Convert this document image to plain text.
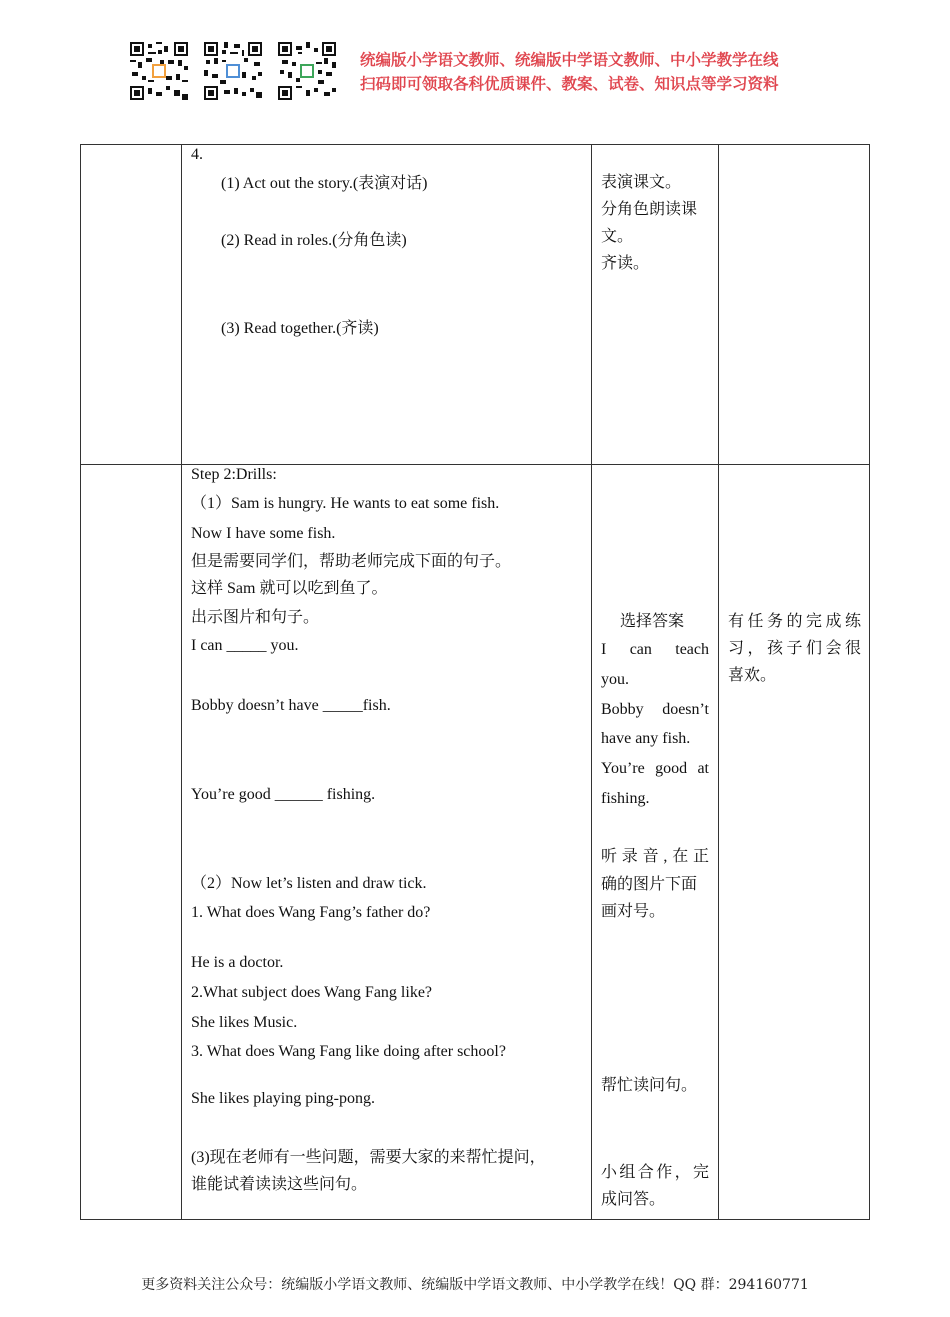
统编版小学语文教师、统编版中学语文教师、中小学教学在线
扫码即可领取各科优质课件、教案、试卷、知识点等学习资料
4.
(1) Act out the story.(表演对话)
(2) Read in roles.(分角色读)
(3) Read together.(齐读)
表演课文。
分角色朗读课
文。
齐读。
Step 2:Drills:
（1）Sam is hungry. He wants to eat some fish.
Now I have some fish.
但是需要同学们，帮助老师完成下面的句子。
这样 Sam 就可以吃到鱼了。
出示图片和句子。
I can _____ you.
Bobby doesn’t have _____fish.
You’re good ______ fishing.
（2）Now let’s listen and draw tick.
1. What does Wang Fang’s father do?
He is a doctor.
2.What subject does Wang Fang like?
She likes Music.
3. What does Wang Fang like doing after school?
She likes playing ping-pong.
(3)现在老师有一些问题，需要大家的来帮忙提问，
谁能试着读读这些问句。
选择答案
I can teach
you.
Bobby doesn’t
have any fish.
You’re good at
fishing.
听录音,在正
确的图片下面
画对号。
帮忙读问句。
小组合作，完
成问答。
有任务的完成练
习，孩子们会很
喜欢。
更多资料关注公众号：统编版小学语文教师、统编版中学语文教师、中小学教学在线！QQ 群：294160771
